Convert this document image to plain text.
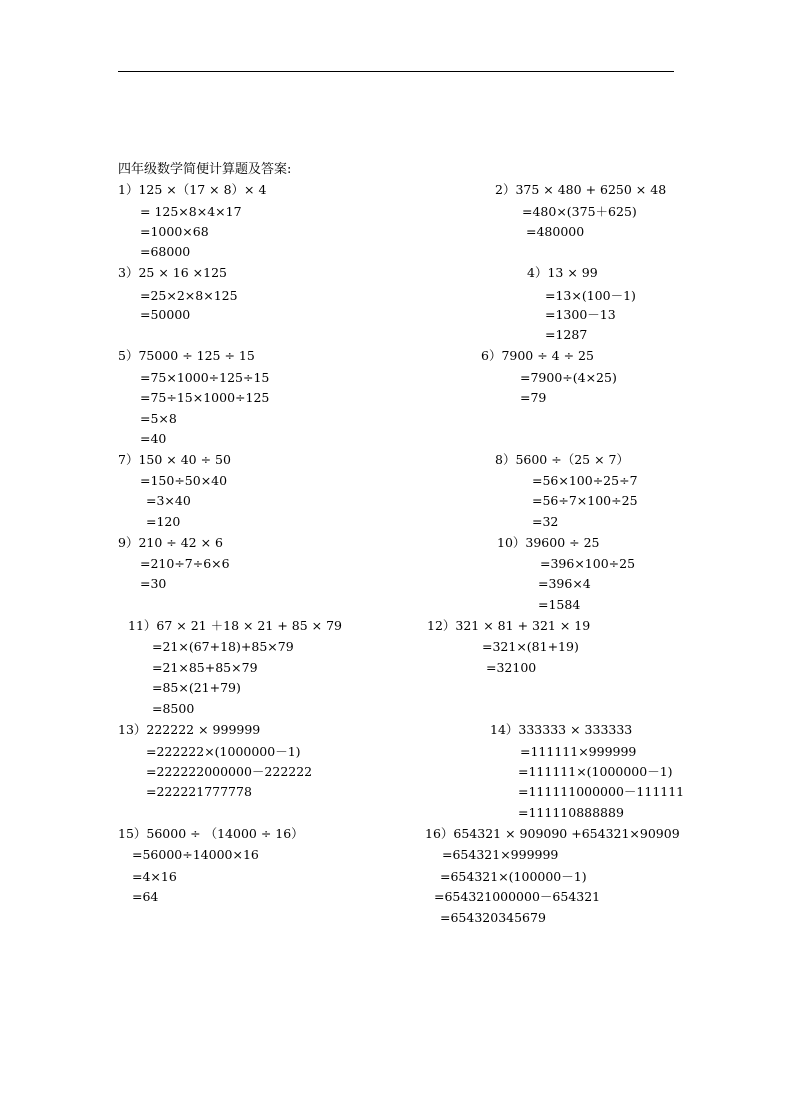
四年级数学简便计算题及答案:
1）125 ×（17 × 8）× 4
= 125×8×4×17
=1000×68
=68000
2）375 × 480 + 6250 × 48
=480×(375＋625)
=480000
3）25 × 16 ×125
=25×2×8×125
=50000
4）13 × 99
=13×(100－1)
=1300－13
=1287
5）75000 ÷ 125 ÷ 15
=75×1000÷125÷15
=75÷15×1000÷125
=5×8
=40
6）7900 ÷ 4 ÷ 25
=7900÷(4×25)
=79
7）150 × 40 ÷ 50
=150÷50×40
=3×40
=120
8）5600 ÷（25 × 7）
=56×100÷25÷7
=56÷7×100÷25
=32
9）210 ÷ 42 × 6
=210÷7÷6×6
=30
10）39600 ÷ 25
=396×100÷25
=396×4
=1584
11）67 × 21 ＋18 × 21 + 85 × 79
=21×(67+18)+85×79
=21×85+85×79
=85×(21+79)
=8500
12）321 × 81 + 321 × 19
=321×(81+19)
=32100
13）222222 × 999999
=222222×(1000000－1)
=222222000000－222222
=222221777778
14）333333 × 333333
=111111×999999
=111111×(1000000－1)
=111111000000－111111
=111110888889
15）56000 ÷ （14000 ÷ 16）
=56000÷14000×16
=4×16
=64
16）654321 × 909090 +654321×90909
=654321×999999
=654321×(100000－1)
=654321000000－654321
=654320345679
